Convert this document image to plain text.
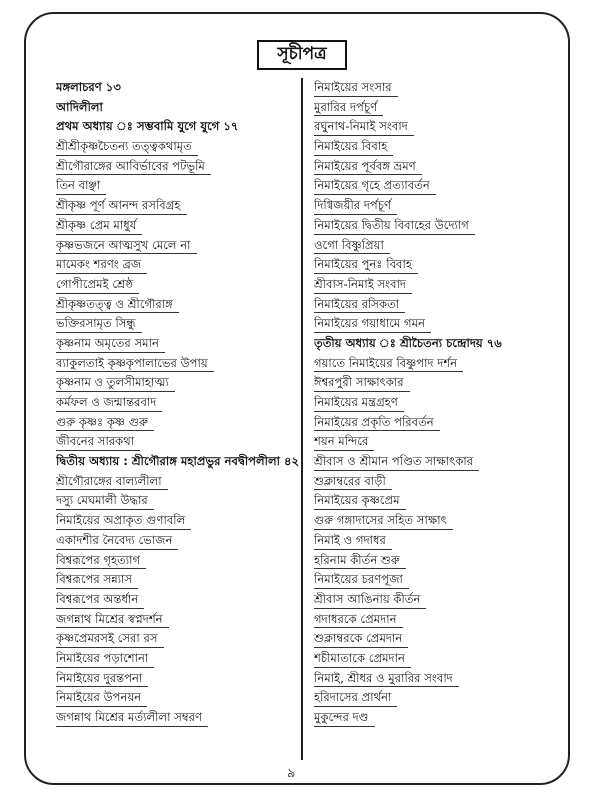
সূচীপত্র
মঙ্গলাচরণ ১৩
আদিলীলা
প্রথম অধ্যায় ঃ সম্ভবামি যুগে যুগে ১৭
শ্রীশ্রীকৃষ্ণচৈতন্য তত্ত্বকথামৃত
শ্রীগৌরাঙ্গের আবির্ভাবের পটভূমি
তিন বাঞ্ছা
শ্রীকৃষ্ণ পূর্ণ আনন্দ রসবিগ্রহ
শ্রীকৃষ্ণ প্রেম মাধুর্য
কৃষ্ণভজনে আত্মসুখ মেলে না
মামেকং শরণং ব্রজ
গোপীপ্রেমই শ্রেষ্ঠ
শ্রীকৃষ্ণতত্ত্ব ও শ্রীগৌরাঙ্গ
ভক্তিরসামৃত সিন্ধু
কৃষ্ণনাম অমৃতের সমান
ব্যাকুলতাই কৃষ্ণকৃপালাভের উপায়
কৃষ্ণনাম ও তুলসীমাহাত্ম্য
কর্মফল ও জন্মান্তরবাদ
গুরু কৃষ্ণঃ কৃষ্ণ গুরু
জীবনের সারকথা
দ্বিতীয় অধ্যায় : শ্রীগৌরাঙ্গ মহাপ্রভুর নবদ্বীপলীলা ৪২
শ্রীগৌরাঙ্গের বাল্যলীলা
দস্যু মেঘমালী উদ্ধার
নিমাইয়ের অপ্রাকৃত গুণাবলি
একাদশীর নৈবেদ্য ভোজন
বিশ্বরূপের গৃহত্যাগ
বিশ্বরূপের সন্ন্যাস
বিশ্বরূপের অন্তর্ধান
জগন্নাথ মিশ্রের স্বপ্নদর্শন
কৃষ্ণপ্রেমরসই সেরা রস
নিমাইয়ের পড়াশোনা
নিমাইয়ের দুরন্তপনা
নিমাইয়ের উপনয়ন
জগন্নাথ মিশ্রের মর্ত্যলীলা সম্বরণ
নিমাইয়ের সংসার
মুরারির দর্পচূর্ণ
রঘুনাথ-নিমাই সংবাদ
নিমাইয়ের বিবাহ
নিমাইয়ের পূর্ববঙ্গ ভ্রমণ
নিমাইয়ের গৃহে প্রত্যাবর্তন
দিগ্বিজয়ীর দর্পচূর্ণ
নিমাইয়ের দ্বিতীয় বিবাহের উদ্যোগ
ওগো বিষ্ণুপ্রিয়া
নিমাইয়ের পুনঃ বিবাহ
শ্রীবাস-নিমাই সংবাদ
নিমাইয়ের রসিকতা
নিমাইয়ের গয়াধামে গমন
তৃতীয় অধ্যায় ঃ শ্রীচৈতন্য চন্দ্রোদয় ৭৬
গয়াতে নিমাইয়ের বিষ্ণুপাদ দর্শন
ঈশ্বরপুরী সাক্ষাৎকার
নিমাইয়ের মন্ত্রগ্রহণ
নিমাইয়ের প্রকৃতি পরিবর্তন
শয়ন মন্দিরে
শ্রীবাস ও শ্রীমান পণ্ডিত সাক্ষাৎকার
শুক্লাম্বরের বাড়ী
নিমাইয়ের কৃষ্ণপ্রেম
গুরু গঙ্গাদাসের সহিত সাক্ষাৎ
নিমাই ও গদাধর
হরিনাম কীর্তন শুরু
নিমাইয়ের চরণপূজা
শ্রীবাস আঙিনায় কীর্তন
গদাধরকে প্রেমদান
শুক্লাম্বরকে প্রেমদান
শচীমাতাকে প্রেমদান
নিমাই, শ্রীধর ও মুরারির সংবাদ
হরিদাসের প্রার্থনা
মুকুন্দের দণ্ড
৯
